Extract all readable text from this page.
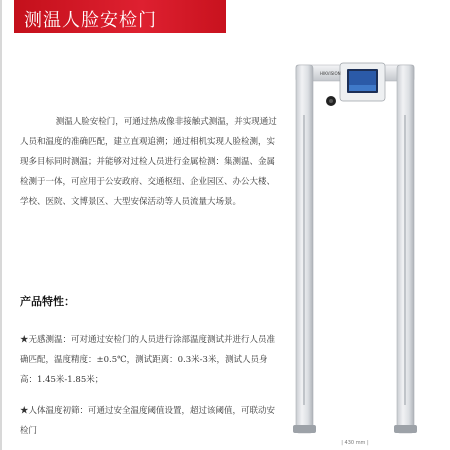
测温人脸安检门

测温人脸安检门，可通过热成像非接触式测温，并实现通过人员和温度的准确匹配，建立直观追溯；通过相机实现人脸检测，实现多目标同时测温；并能够对过检人员进行金属检测：集测温、金属检测于一体，可应用于公安政府、交通枢纽、企业园区、办公大楼、学校、医院、文博景区、大型安保活动等人员流量大场景。

产品特性：

★无感测温：可对通过安检门的人员进行涂部温度测试并进行人员准确匹配，温度精度：±0.5℃，测试距离：0.3米-3米，测试人员身高：1.45米-1.85米；

★人体温度初筛：可通过安全温度阈值设置，超过该阈值，可联动安检门

HIKVISION
| 430 mm |
